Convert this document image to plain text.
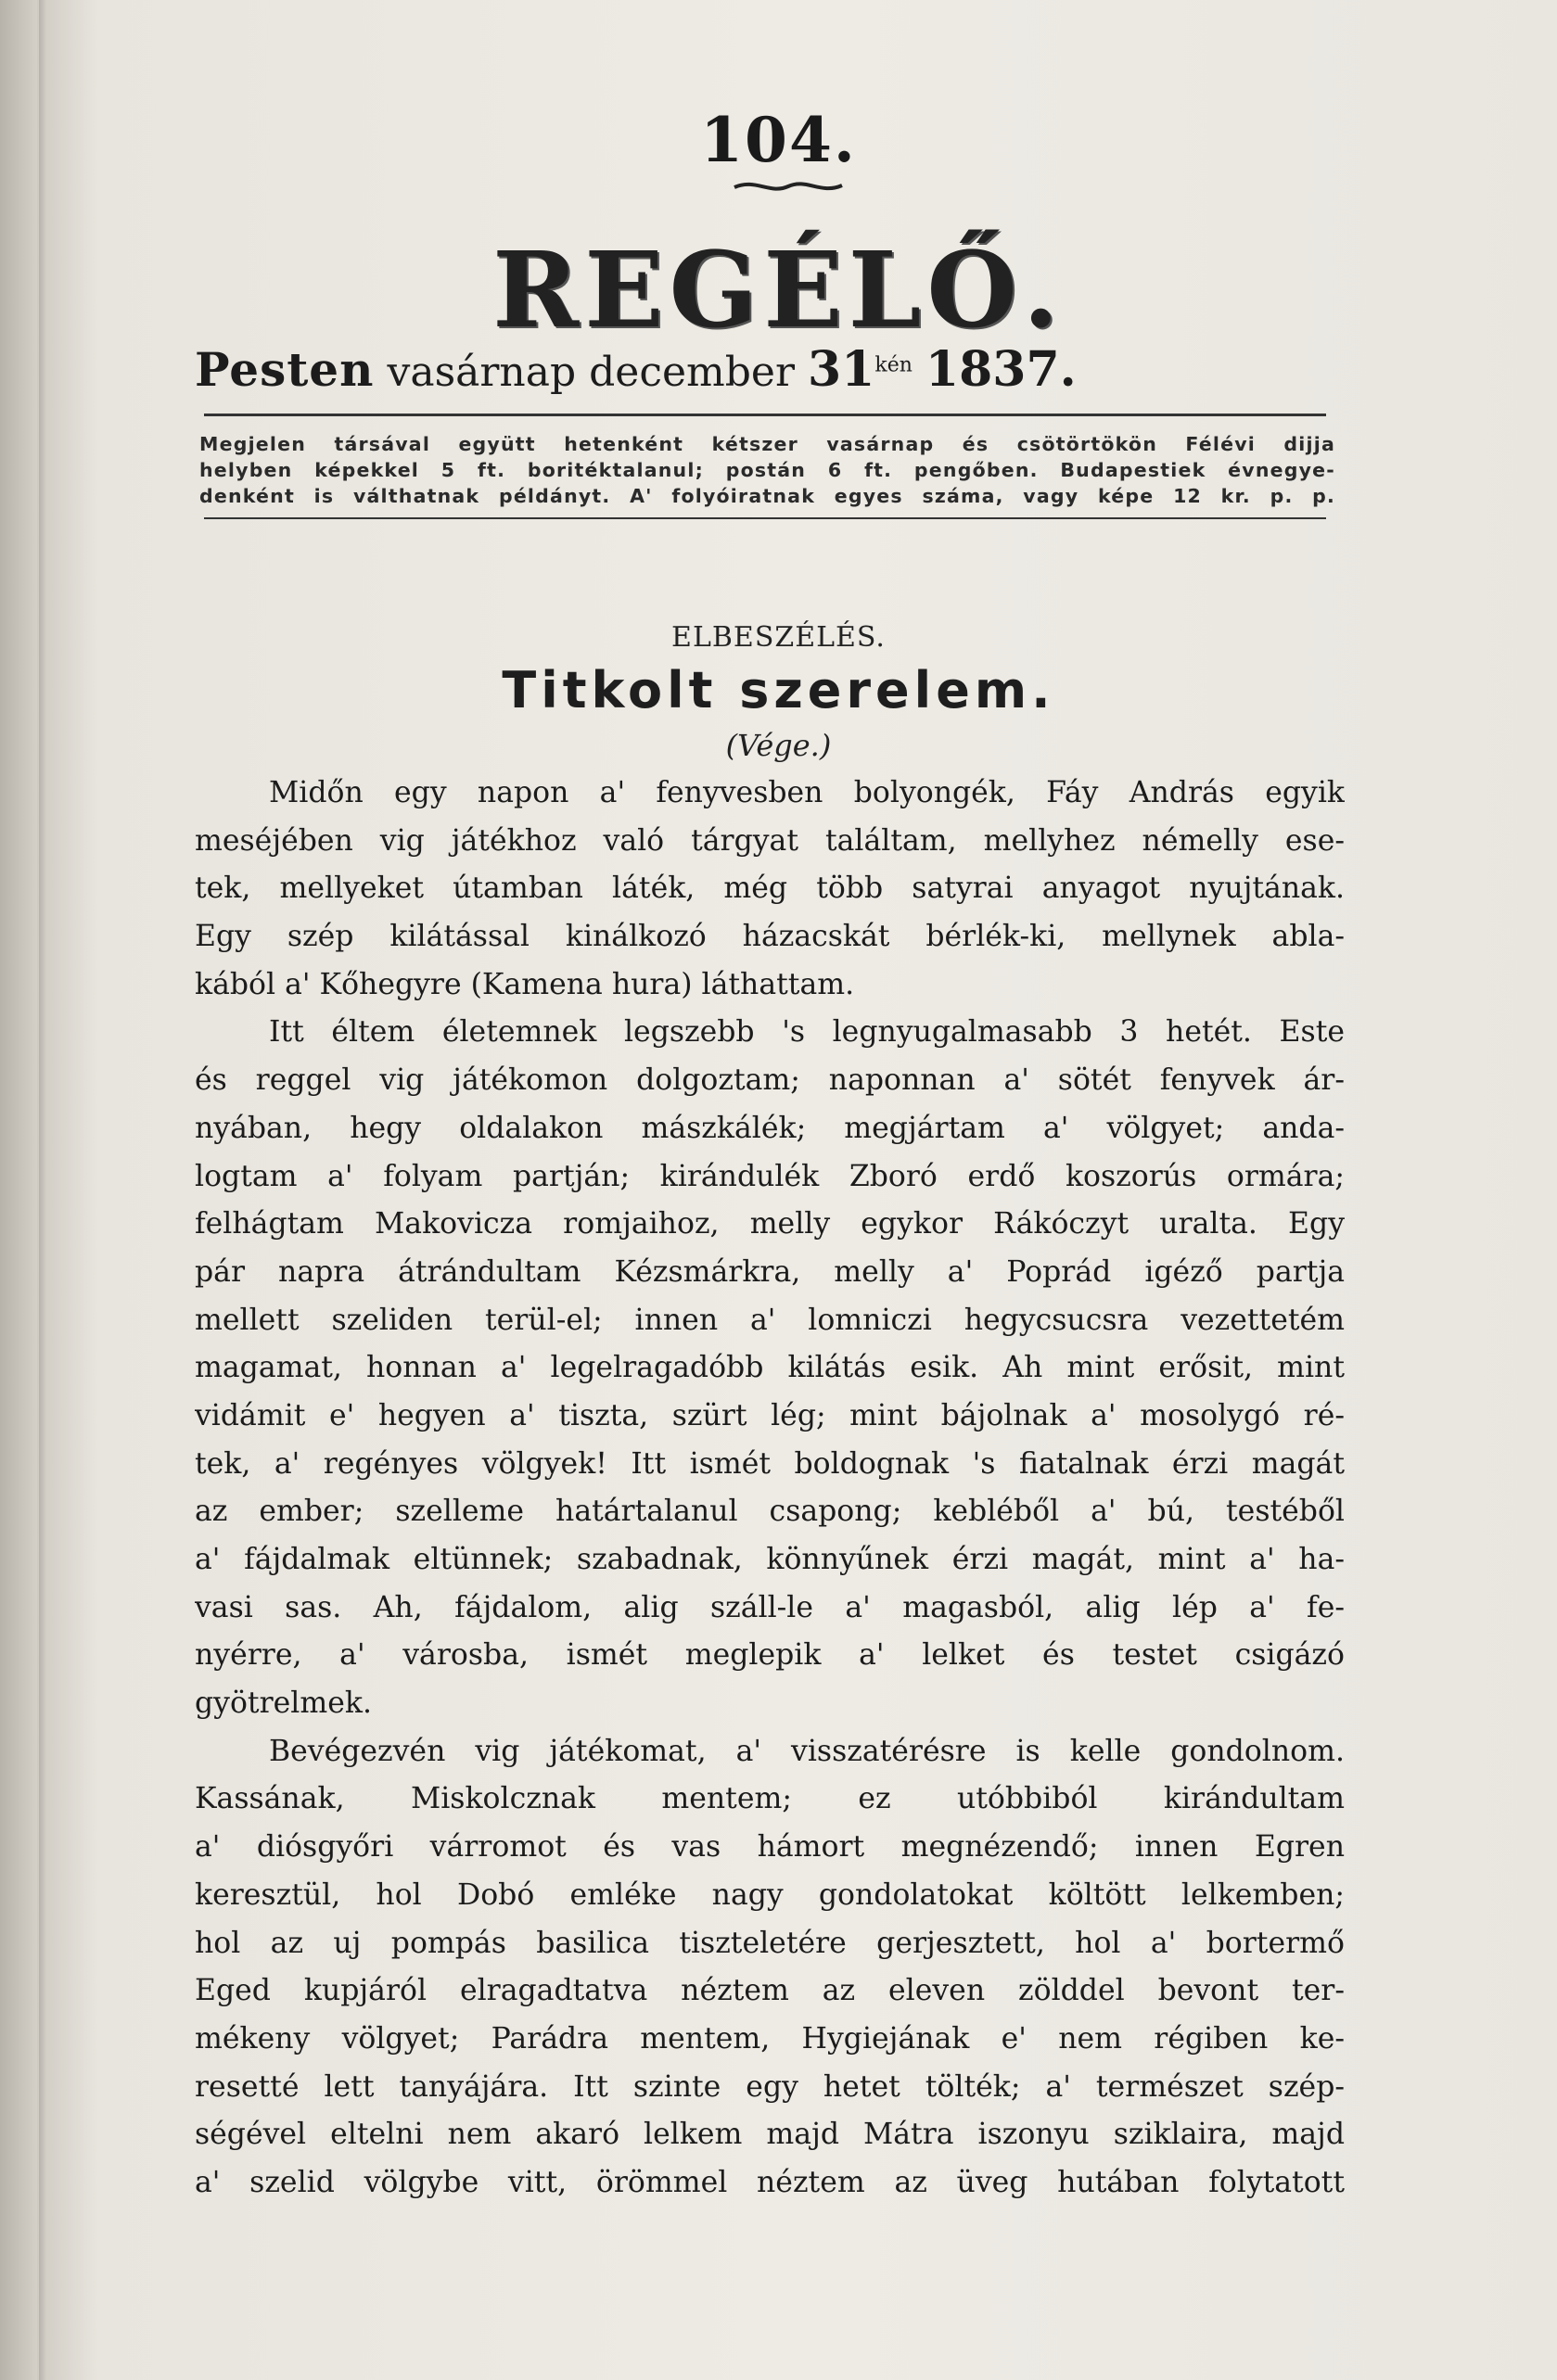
104.
REGÉLŐ.
Pesten vasárnap december $31^{kén}$ 1837.
Megjelen társával együtt hetenként kétszer vasárnap és csötörtökön Félévi dijja
helyben képekkel 5 ft. boritéktalanul; postán 6 ft. pengőben. Budapestiek évnegye-
denként is válthatnak példányt. A' folyóiratnak egyes száma, vagy képe 12 kr. p. p.
ELBESZÉLÉS.
Titkolt szerelem.
(Vége.)
Midőn egy napon a' fenyvesben bolyongék, Fáy András egyik
meséjében vig játékhoz való tárgyat találtam, mellyhez némelly ese-
tek, mellyeket útamban láték, még több satyrai anyagot nyujtának.
Egy szép kilátással kinálkozó házacskát bérlék-ki, mellynek abla-
kából a' Kőhegyre (Kamena hura) láthattam.
Itt éltem életemnek legszebb 's legnyugalmasabb 3 hetét. Este
és reggel vig játékomon dolgoztam; naponnan a' sötét fenyvek ár-
nyában, hegy oldalakon mászkálék; megjártam a' völgyet; anda-
logtam a' folyam partján; kirándulék Zboró erdő koszorús ormára;
felhágtam Makovicza romjaihoz, melly egykor Rákóczyt uralta. Egy
pár napra átrándultam Kézsmárkra, melly a' Poprád igéző partja
mellett szeliden terül-el; innen a' lomniczi hegycsucsra vezettetém
magamat, honnan a' legelragadóbb kilátás esik. Ah mint erősit, mint
vidámit e' hegyen a' tiszta, szürt lég; mint bájolnak a' mosolygó ré-
tek, a' regényes völgyek! Itt ismét boldognak 's fiatalnak érzi magát
az ember; szelleme határtalanul csapong; kebléből a' bú, testéből
a' fájdalmak eltünnek; szabadnak, könnyűnek érzi magát, mint a' ha-
vasi sas. Ah, fájdalom, alig száll-le a' magasból, alig lép a' fe-
nyérre, a' városba, ismét meglepik a' lelket és testet csigázó
gyötrelmek.
Bevégezvén vig játékomat, a' visszatérésre is kelle gondolnom.
Kassának, Miskolcznak mentem; ez utóbbiból kirándultam
a' diósgyőri várromot és vas hámort megnézendő; innen Egren
keresztül, hol Dobó emléke nagy gondolatokat költött lelkemben;
hol az uj pompás basilica tiszteletére gerjesztett, hol a' bortermő
Eged kupjáról elragadtatva néztem az eleven zölddel bevont ter-
mékeny völgyet; Parádra mentem, Hygiejának e' nem régiben ke-
resetté lett tanyájára. Itt szinte egy hetet tölték; a' természet szép-
ségével eltelni nem akaró lelkem majd Mátra iszonyu sziklaira, majd
a' szelid völgybe vitt, örömmel néztem az üveg hutában folytatott
